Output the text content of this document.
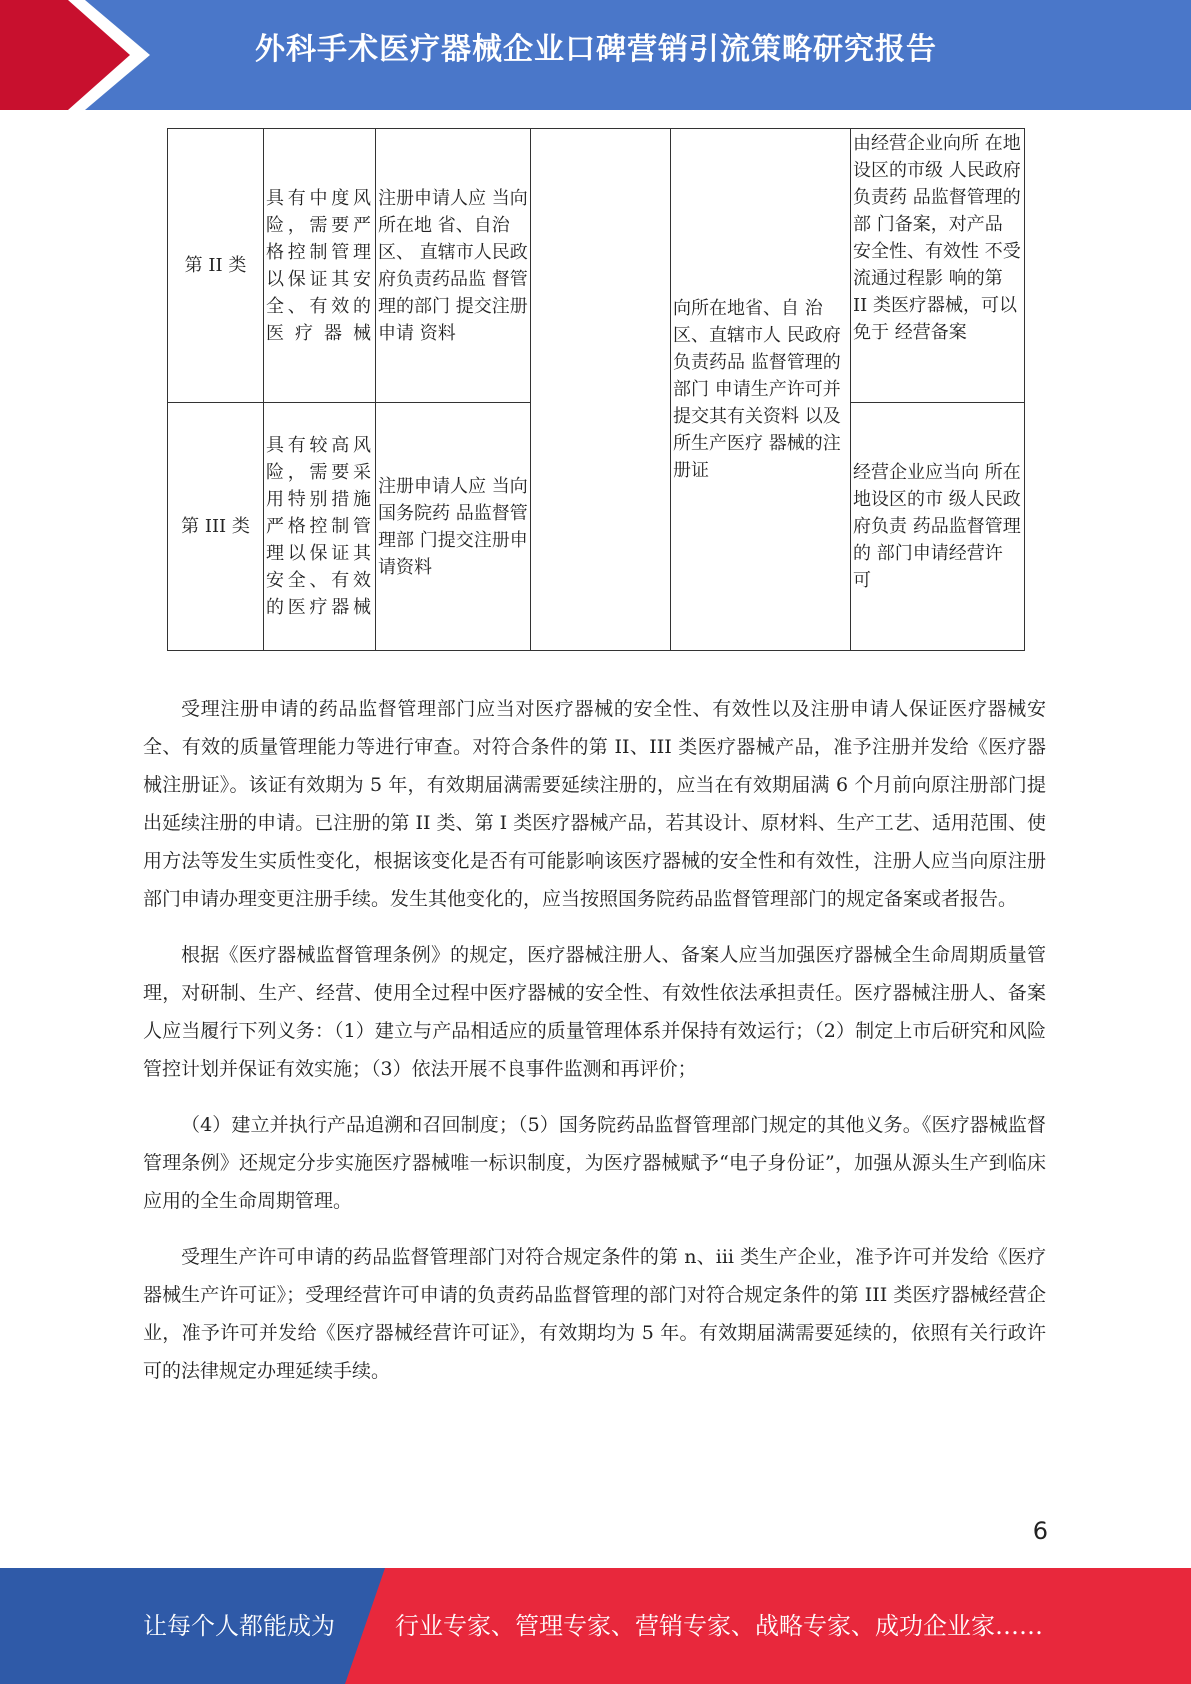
外科手术医疗器械企业口碑营销引流策略研究报告
第 II 类	具有中度风险，需要严格控制管理以保证其安全、有效的医疗器械	注册申请人应 当向所在地 省、自治区、 直辖市人民政 府负责药品监 督管理的部门 提交注册申请 资料		向所在地省、自 治区、直辖市人 民政府负责药品 监督管理的部门 申请生产许可并 提交其有关资料 以及所生产医疗 器械的注册证	由经营企业向所 在地设区的市级 人民政府负责药 品监督管理的部 门备案，对产品 安全性、有效性 不受流通过程影 响的第 II 类医疗器械，可以免于 经营备案
第 III 类	具有较高风险，需要采用特别措施严格控制管理以保证其安全、有效的医疗器械	注册申请人应 当向国务院药 品监督管理部 门提交注册申 请资料			经营企业应当向 所在地设区的市 级人民政府负责 药品监督管理的 部门申请经营许 可

受理注册申请的药品监督管理部门应当对医疗器械的安全性、有效性以及注册申请人保证医疗器械安全、有效的质量管理能力等进行审查。对符合条件的第 II、III 类医疗器械产品，准予注册并发给《医疗器械注册证》。该证有效期为 5 年，有效期届满需要延续注册的，应当在有效期届满 6 个月前向原注册部门提出延续注册的申请。已注册的第 II 类、第 I 类医疗器械产品，若其设计、原材料、生产工艺、适用范围、使用方法等发生实质性变化，根据该变化是否有可能影响该医疗器械的安全性和有效性，注册人应当向原注册部门申请办理变更注册手续。发生其他变化的，应当按照国务院药品监督管理部门的规定备案或者报告。

根据《医疗器械监督管理条例》的规定，医疗器械注册人、备案人应当加强医疗器械全生命周期质量管理，对研制、生产、经营、使用全过程中医疗器械的安全性、有效性依法承担责任。医疗器械注册人、备案人应当履行下列义务：（1）建立与产品相适应的质量管理体系并保持有效运行；（2）制定上市后研究和风险管控计划并保证有效实施；（3）依法开展不良事件监测和再评价；

（4）建立并执行产品追溯和召回制度；（5）国务院药品监督管理部门规定的其他义务。《医疗器械监督管理条例》还规定分步实施医疗器械唯一标识制度，为医疗器械赋予“电子身份证”，加强从源头生产到临床应用的全生命周期管理。

受理生产许可申请的药品监督管理部门对符合规定条件的第 n、iii 类生产企业，准予许可并发给《医疗器械生产许可证》；受理经营许可申请的负责药品监督管理的部门对符合规定条件的第 III 类医疗器械经营企业，准予许可并发给《医疗器械经营许可证》，有效期均为 5 年。有效期届满需要延续的，依照有关行政许可的法律规定办理延续手续。

6
让每个人都能成为	行业专家、管理专家、营销专家、战略专家、成功企业家……
